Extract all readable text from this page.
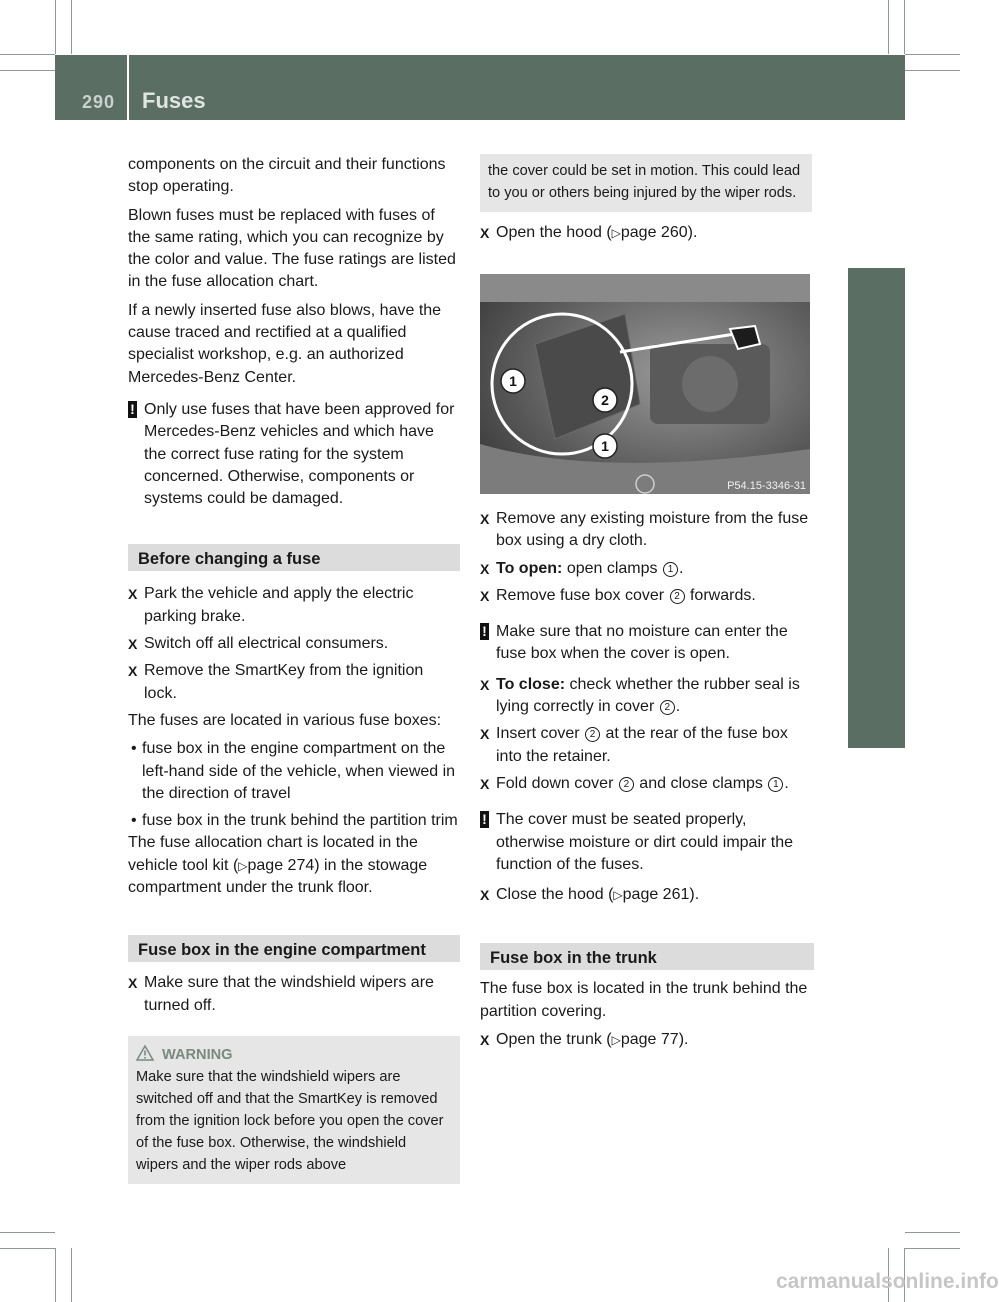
290 Fuses
Breakdown assistance

components on the circuit and their functions stop operating.

Blown fuses must be replaced with fuses of the same rating, which you can recognize by the color and value. The fuse ratings are listed in the fuse allocation chart.

If a newly inserted fuse also blows, have the cause traced and rectified at a qualified specialist workshop, e.g. an authorized Mercedes-Benz Center.

! Only use fuses that have been approved for Mercedes-Benz vehicles and which have the correct fuse rating for the system concerned. Otherwise, components or systems could be damaged.
Before changing a fuse
X Park the vehicle and apply the electric parking brake.
X Switch off all electrical consumers.
X Remove the SmartKey from the ignition lock.

The fuses are located in various fuse boxes:

• fuse box in the engine compartment on the left-hand side of the vehicle, when viewed in the direction of travel
• fuse box in the trunk behind the partition trim

The fuse allocation chart is located in the vehicle tool kit (▷page 274) in the stowage compartment under the trunk floor.

Fuse box in the engine compartment
X Make sure that the windshield wipers are turned off.
WARNING
Make sure that the windshield wipers are switched off and that the SmartKey is removed from the ignition lock before you open the cover of the fuse box. Otherwise, the windshield wipers and the wiper rods above
the cover could be set in motion. This could lead to you or others being injured by the wiper rods.
X Open the hood (▷page 260).
1
2
1
P54.15-3346-31
X Remove any existing moisture from the fuse box using a dry cloth.
X To open: open clamps 1 .
X Remove fuse box cover 2 forwards.
! Make sure that no moisture can enter the fuse box when the cover is open.
X To close: check whether the rubber seal is lying correctly in cover 2 .
X Insert cover 2 at the rear of the fuse box into the retainer.
X Fold down cover 2 and close clamps 1 .
! The cover must be seated properly, otherwise moisture or dirt could impair the function of the fuses.
X Close the hood (▷page 261).
Fuse box in the trunk

The fuse box is located in the trunk behind the partition covering.

X Open the trunk (▷page 77).
carmanualsonline.info
